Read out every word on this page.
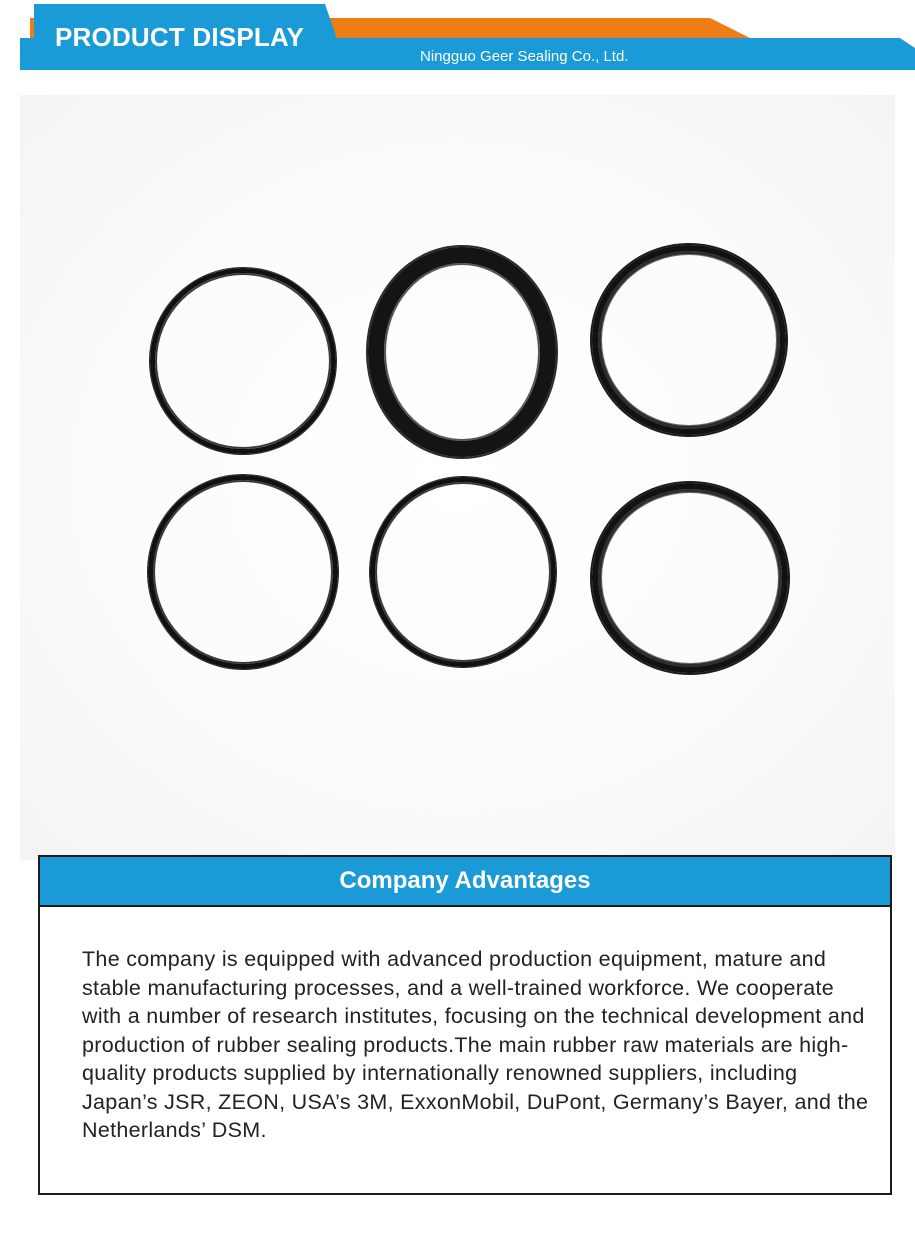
PRODUCT DISPLAY
Ningguo Geer Sealing Co., Ltd.
Company Advantages
The company is equipped with advanced production equipment, mature and stable manufacturing processes, and a well-trained workforce. We cooperate with a number of research institutes, focusing on the technical development and production of rubber sealing products.The main rubber raw materials are high-quality products supplied by internationally renowned suppliers, including Japan’s JSR, ZEON, USA’s 3M, ExxonMobil, DuPont, Germany’s Bayer, and the Netherlands’ DSM.
